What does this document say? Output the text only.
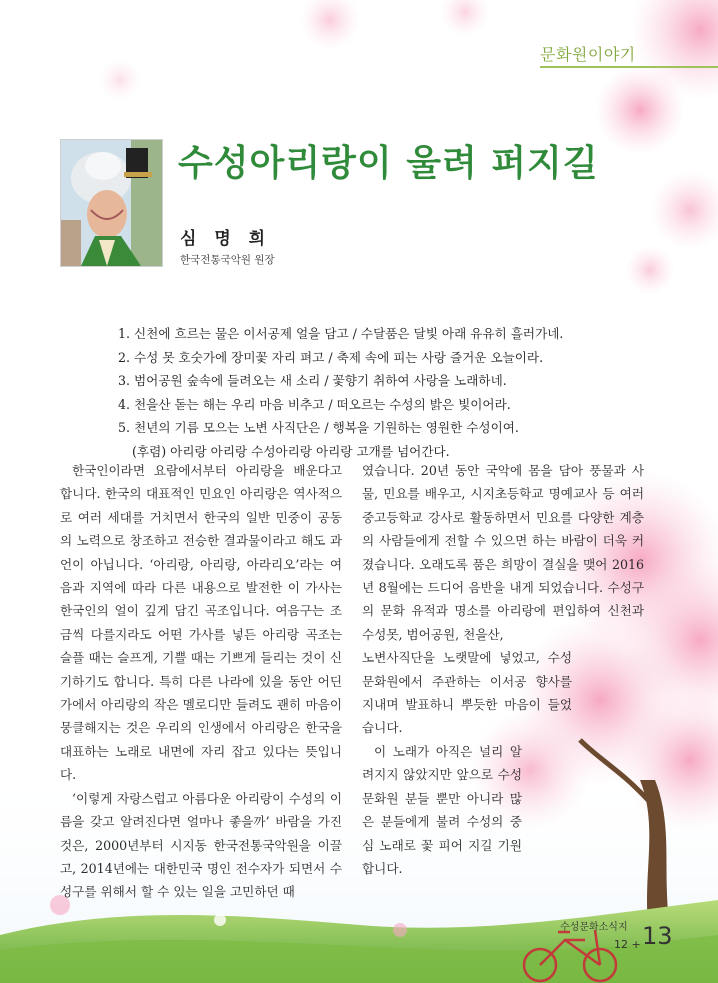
문화원이야기
수성아리랑이 울려 퍼지길
심 명 희
한국전통국악원 원장
1. 신천에 흐르는 물은 이서공제 얼을 담고 / 수달품은 달빛 아래 유유히 흘러가네.
2. 수성 못 호숫가에 장미꽃 자리 펴고 / 축제 속에 피는 사랑 즐거운 오늘이라.
3. 범어공원 숲속에 들려오는 새 소리 / 꽃향기 취하여 사랑을 노래하네.
4. 천을산 돋는 해는 우리 마음 비추고 / 떠오르는 수성의 밝은 빛이어라.
5. 천년의 기름 모으는 노변 사직단은 / 행복을 기원하는 영원한 수성이여.
(후렴) 아리랑 아리랑 수성아리랑 아리랑 고개를 넘어간다.

한국인이라면 요람에서부터 아리랑을 배운다고 합니다. 한국의 대표적인 민요인 아리랑은 역사적으로 여러 세대를 거치면서 한국의 일반 민중이 공동의 노력으로 창조하고 전승한 결과물이라고 해도 과언이 아닙니다. ‘아리랑, 아리랑, 아라리오’라는 여음과 지역에 따라 다른 내용으로 발전한 이 가사는 한국인의 얼이 깊게 담긴 곡조입니다. 여음구는 조금씩 다를지라도 어떤 가사를 넣든 아리랑 곡조는 슬플 때는 슬프게, 기쁠 때는 기쁘게 들리는 것이 신기하기도 합니다. 특히 다른 나라에 있을 동안 어딘가에서 아리랑의 작은 멜로디만 들려도 괜히 마음이 뭉클해지는 것은 우리의 인생에서 아리랑은 한국을 대표하는 노래로 내면에 자리 잡고 있다는 뜻입니다.

‘이렇게 자랑스럽고 아름다운 아리랑이 수성의 이름을 갖고 알려진다면 얼마나 좋을까’ 바람을 가진 것은, 2000년부터 시지동 한국전통국악원을 이끌고, 2014년에는 대한민국 명인 전수자가 되면서 수성구를 위해서 할 수 있는 일을 고민하던 때

였습니다. 20년 동안 국악에 몸을 담아 풍물과 사물, 민요를 배우고, 시지초등학교 명예교사 등 여러 중고등학교 강사로 활동하면서 민요를 다양한 계층의 사람들에게 전할 수 있으면 하는 바람이 더욱 커졌습니다. 오래도록 품은 희망이 결실을 맺어 2016년 8월에는 드디어 음반을 내게 되었습니다. 수성구의 문화 유적과 명소를 아리랑에 편입하여 신천과 수성못, 범어공원, 천을산,

노변사직단을 노랫말에 넣었고, 수성 문화원에서 주관하는 이서공 향사를 지내며 발표하니 뿌듯한 마음이 들었습니다.

이 노래가 아직은 널리 알려지지 않았지만 앞으로 수성문화원 분들 뿐만 아니라 많은 분들에게 불려 수성의 중심 노래로 꽃 피어 지길 기원합니다.

수성문화소식지
12 + 13
